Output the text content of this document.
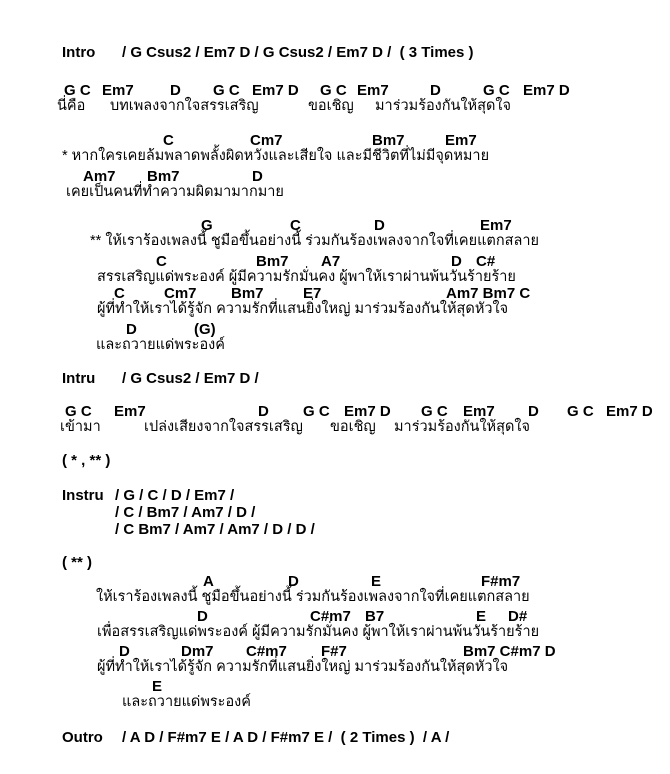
Intro / G Csus2 / Em7 D / G Csus2 / Em7 D /  ( 3 Times )
G C Em7 D G C Em7 D G C Em7	D	G C Em7 D
นี่คือ บทเพลงจากใจสรรเสริญ	ขอเชิญ มาร่วมร้องกันให้สุดใจ
C	Cm7	Bm7	Em7
* หากใครเคยล้มพลาดพลั้งผิดหวังและเสียใจ และมีชีวิตที่ไม่มีจุดหมาย
Am7 Bm7	D
เคยเป็นคนที่ทำความผิดมามากมาย
G	C	D	Em7
** ให้เราร้องเพลงนี้ ชูมือขึ้นอย่างนี้ ร่วมกันร้องเพลงจากใจที่เคยแตกสลาย
C	Bm7 A7	D C#
สรรเสริญแด่พระองค์ ผู้มีความรักมั่นคง ผู้พาให้เราผ่านพ้นวันร้ายร้าย
C	Cm7 Bm7	E7	Am7 Bm7 C
ผู้ที่ทำให้เราได้รู้จัก ความรักที่แสนยิ่งใหญ่ มาร่วมร้องกันให้สุดหัวใจ
D	(G)
และถวายแด่พระองค์
Intru / G Csus2 / Em7 D /
G C Em7	D G C Em7 D G C Em7 D G C Em7 D
เข้ามา	เปล่งเสียงจากใจสรรเสริญ ขอเชิญ มาร่วมร้องกันให้สุดใจ
( * , ** )
Instru / G / C / D / Em7 /
/ C / Bm7 / Am7 / D /
/ C Bm7 / Am7 / Am7 / D / D /
( ** )
A	D	E	F#m7
ให้เราร้องเพลงนี้ ชูมือขึ้นอย่างนี้ ร่วมกันร้องเพลงจากใจที่เคยแตกสลาย
D	C#m7 B7	E D#
เพื่อสรรเสริญแด่พระองค์ ผู้มีความรักมั่นคง ผู้พาให้เราผ่านพ้นวันร้ายร้าย
D	Dm7 C#m7 F#7	Bm7 C#m7 D
ผู้ที่ทำให้เราได้รู้จัก ความรักที่แสนยิ่งใหญ่ มาร่วมร้องกันให้สุดหัวใจ
E
และถวายแด่พระองค์
Outro / A D / F#m7 E / A D / F#m7 E /  ( 2 Times )  / A /
